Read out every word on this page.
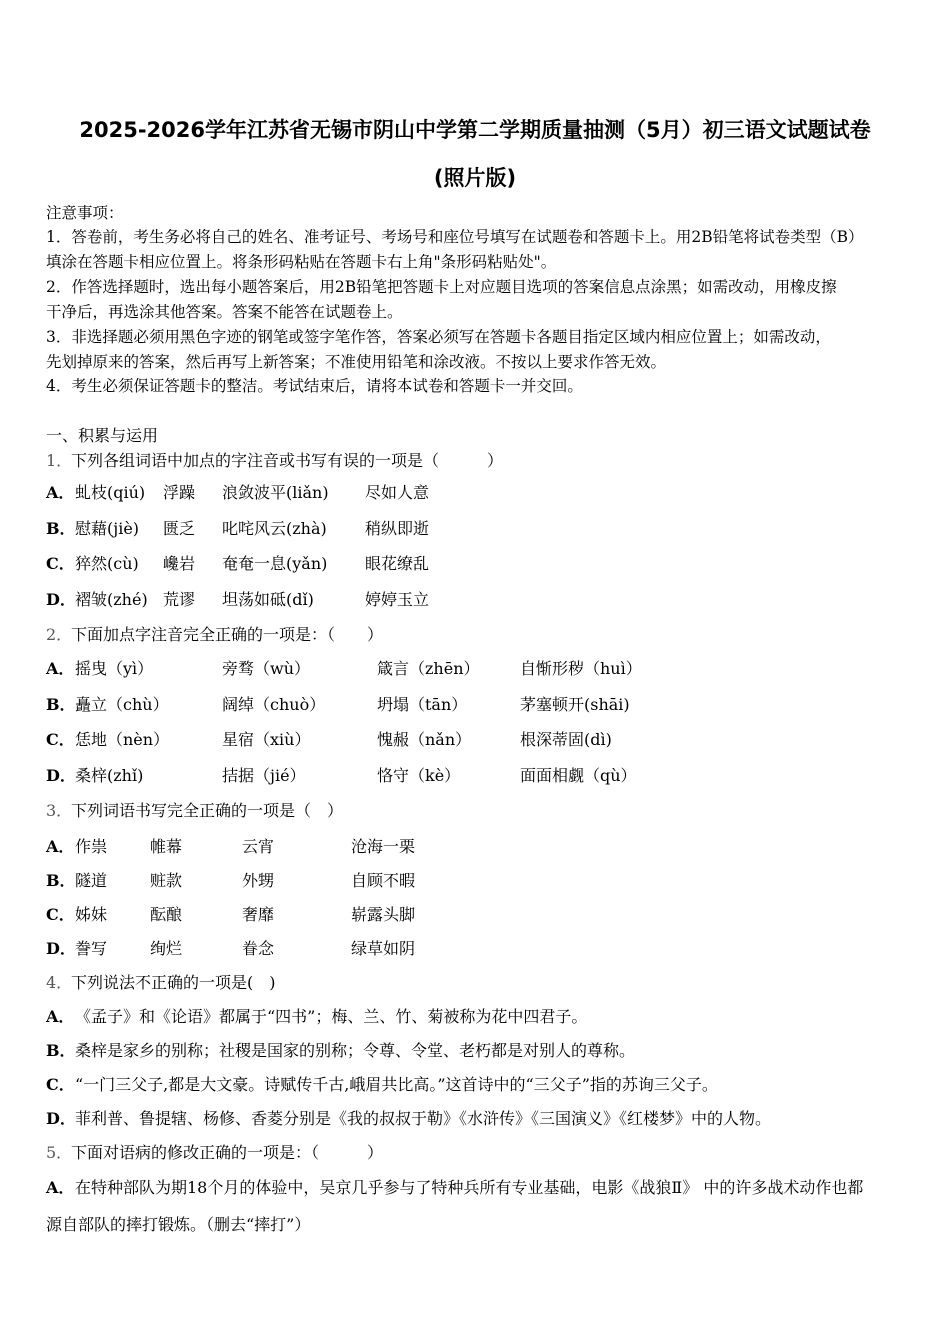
2025-2026学年江苏省无锡市阴山中学第二学期质量抽测（5月）初三语文试题试卷
(照片版)
注意事项：
1．答卷前，考生务必将自己的姓名、准考证号、考场号和座位号填写在试题卷和答题卡上。用2B铅笔将试卷类型（B）
填涂在答题卡相应位置上。将条形码粘贴在答题卡右上角"条形码粘贴处"。
2．作答选择题时，选出每小题答案后，用2B铅笔把答题卡上对应题目选项的答案信息点涂黑；如需改动，用橡皮擦
干净后，再选涂其他答案。答案不能答在试题卷上。
3．非选择题必须用黑色字迹的钢笔或签字笔作答，答案必须写在答题卡各题目指定区域内相应位置上；如需改动，
先划掉原来的答案，然后再写上新答案；不准使用铅笔和涂改液。不按以上要求作答无效。
4．考生必须保证答题卡的整洁。考试结束后，请将本试卷和答题卡一并交回。
一、积累与运用
1．
下列各组词语中加点的字注音或书写有误的一项是（　　　）
A． 虬枝(qiú) 浮躁 浪敛波平(liǎn) 尽如人意
B． 慰藉(jiè) 匮乏 叱咤风云(zhà) 稍纵即逝
C． 猝然(cù) 巉岩 奄奄一息(yǎn) 眼花缭乱
D． 褶皱(zhé) 荒谬 坦荡如砥(dǐ)	婷婷玉立
2．
下面加点字注音完全正确的一项是：（　　）
A． 摇曳（yì）	旁骛（wù）	箴言（zhēn）	自惭形秽（huì）
B． 矗立（chù）	阔绰（chuò）	坍塌（tān）	茅塞顿开(shāi)
C． 恁地（nèn）	星宿（xiù）	愧赧（nǎn）	根深蒂固(dì)
D． 桑梓(zhǐ)	拮据（jié）	恪守（kè）	面面相觑（qù）
3．
下列词语书写完全正确的一项是（　）
A． 作祟	帷幕	云宵	沧海一栗
B． 隧道	赃款	外甥	自顾不暇
C． 姊妹	酝酿	奢靡	崭露头脚
D． 誊写	绚烂	眷念	绿草如阴
4．
下列说法不正确的一项是(　)
A． 《孟子》和《论语》都属于“四书”；梅、兰、竹、菊被称为花中四君子。
B． 桑梓是家乡的别称；社稷是国家的别称；令尊、令堂、老朽都是对别人的尊称。
C． “一门三父子,都是大文豪。诗赋传千古,峨眉共比高。”这首诗中的“三父子”指的苏询三父子。
D． 菲利普、鲁提辖、杨修、香菱分别是《我的叔叔于勒》《水浒传》《三国演义》《红楼梦》中的人物。
5．
下面对语病的修改正确的一项是：（　　　）
A． 在特种部队为期18个月的体验中，吴京几乎参与了特种兵所有专业基础，电影《战狼Ⅱ》 中的许多战术动作也都
源自部队的摔打锻炼。（删去“摔打”）
